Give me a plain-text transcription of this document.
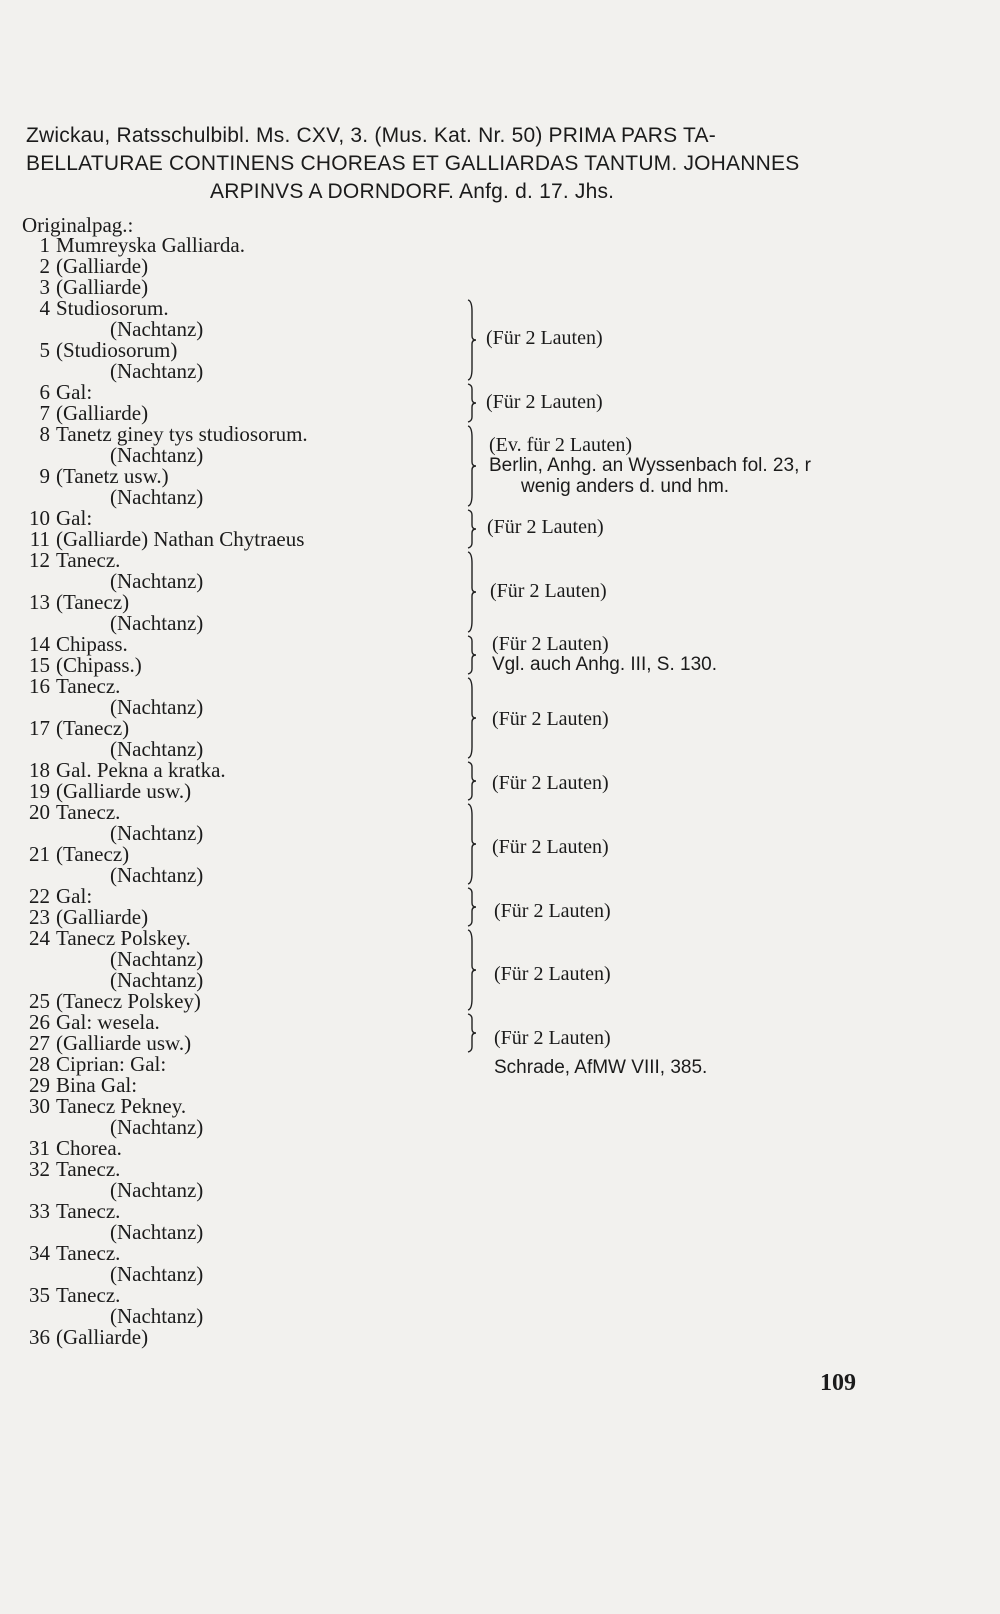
Zwickau, Ratsschulbibl. Ms. CXV, 3. (Mus. Kat. Nr. 50) PRIMA PARS TA-
BELLATURAE CONTINENS CHOREAS ET GALLIARDAS TANTUM. JOHANNES
ARPINVS A DORNDORF. Anfg. d. 17. Jhs.
Originalpag.:
1 Mumreyska Galliarda.
2 (Galliarde)
3 (Galliarde)
4 Studiosorum.
(Nachtanz)
5 (Studiosorum)
(Nachtanz)
6 Gal:
7 (Galliarde)
8 Tanetz giney tys studiosorum.
(Nachtanz)
9 (Tanetz usw.)
(Nachtanz)
10 Gal:
11 (Galliarde) Nathan Chytraeus
12 Tanecz.
(Nachtanz)
13 (Tanecz)
(Nachtanz)
14 Chipass.
15 (Chipass.)
16 Tanecz.
(Nachtanz)
17 (Tanecz)
(Nachtanz)
18 Gal. Pekna a kratka.
19 (Galliarde usw.)
20 Tanecz.
(Nachtanz)
21 (Tanecz)
(Nachtanz)
22 Gal:
23 (Galliarde)
24 Tanecz Polskey.
(Nachtanz)
(Nachtanz)
25 (Tanecz Polskey)
26 Gal: wesela.
27 (Galliarde usw.)
28 Ciprian: Gal:
29 Bina Gal:
30 Tanecz Pekney.
(Nachtanz)
31 Chorea.
32 Tanecz.
(Nachtanz)
33 Tanecz.
(Nachtanz)
34 Tanecz.
(Nachtanz)
35 Tanecz.
(Nachtanz)
36 (Galliarde)
(Für 2 Lauten)
(Für 2 Lauten)
(Ev. für 2 Lauten)
Berlin, Anhg. an Wyssenbach fol. 23, r
wenig anders d. und hm.
(Für 2 Lauten)
(Für 2 Lauten)
(Für 2 Lauten)
Vgl. auch Anhg. III, S. 130.
(Für 2 Lauten)
(Für 2 Lauten)
(Für 2 Lauten)
(Für 2 Lauten)
(Für 2 Lauten)
(Für 2 Lauten)
Schrade, AfMW VIII, 385.
109
